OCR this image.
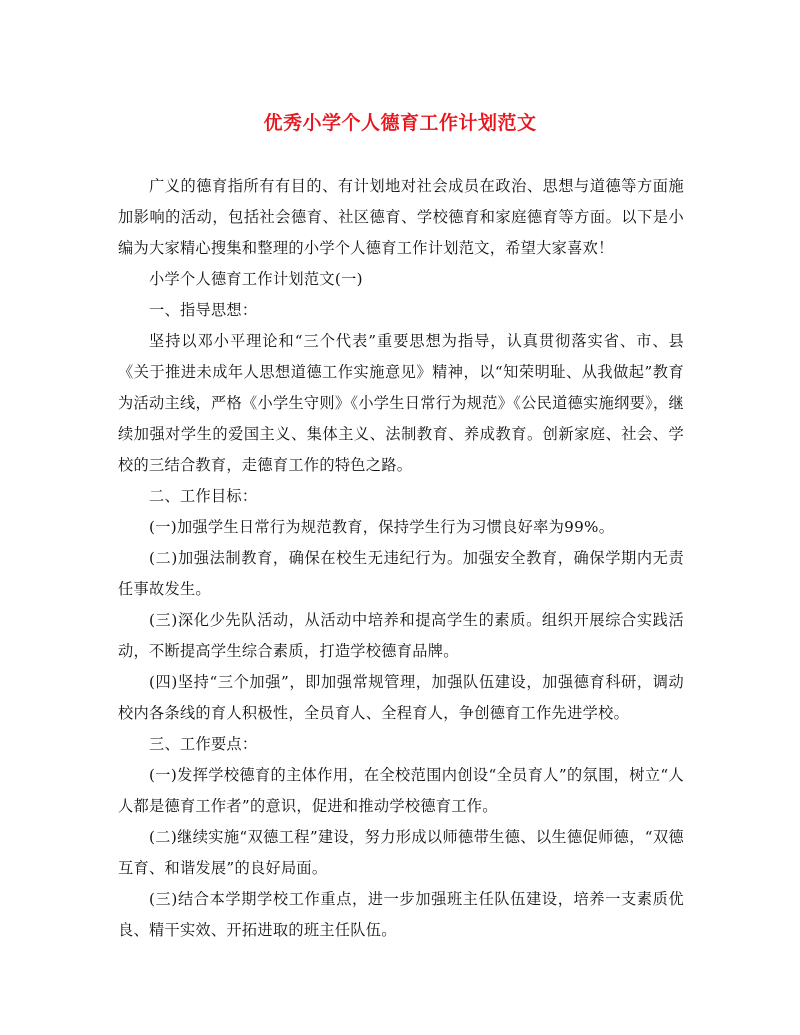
优秀小学个人德育工作计划范文

广义的德育指所有有目的、有计划地对社会成员在政治、思想与道德等方面施加影响的活动，包括社会德育、社区德育、学校德育和家庭德育等方面。以下是小编为大家精心搜集和整理的小学个人德育工作计划范文，希望大家喜欢！

小学个人德育工作计划范文(一)

一、指导思想：

坚持以邓小平理论和“三个代表”重要思想为指导，认真贯彻落实省、市、县《关于推进未成年人思想道德工作实施意见》精神，以“知荣明耻、从我做起”教育为活动主线，严格《小学生守则》《小学生日常行为规范》《公民道德实施纲要》，继续加强对学生的爱国主义、集体主义、法制教育、养成教育。创新家庭、社会、学校的三结合教育，走德育工作的特色之路。

二、工作目标：

(一)加强学生日常行为规范教育，保持学生行为习惯良好率为99%。

(二)加强法制教育，确保在校生无违纪行为。加强安全教育，确保学期内无责任事故发生。

(三)深化少先队活动，从活动中培养和提高学生的素质。组织开展综合实践活动，不断提高学生综合素质，打造学校德育品牌。

(四)坚持“三个加强”，即加强常规管理，加强队伍建设，加强德育科研，调动校内各条线的育人积极性，全员育人、全程育人，争创德育工作先进学校。

三、工作要点：

(一)发挥学校德育的主体作用，在全校范围内创设“全员育人”的氛围，树立“人人都是德育工作者”的意识，促进和推动学校德育工作。

(二)继续实施“双德工程”建设，努力形成以师德带生德、以生德促师德，“双德互育、和谐发展”的良好局面。

(三)结合本学期学校工作重点，进一步加强班主任队伍建设，培养一支素质优良、精干实效、开拓进取的班主任队伍。
